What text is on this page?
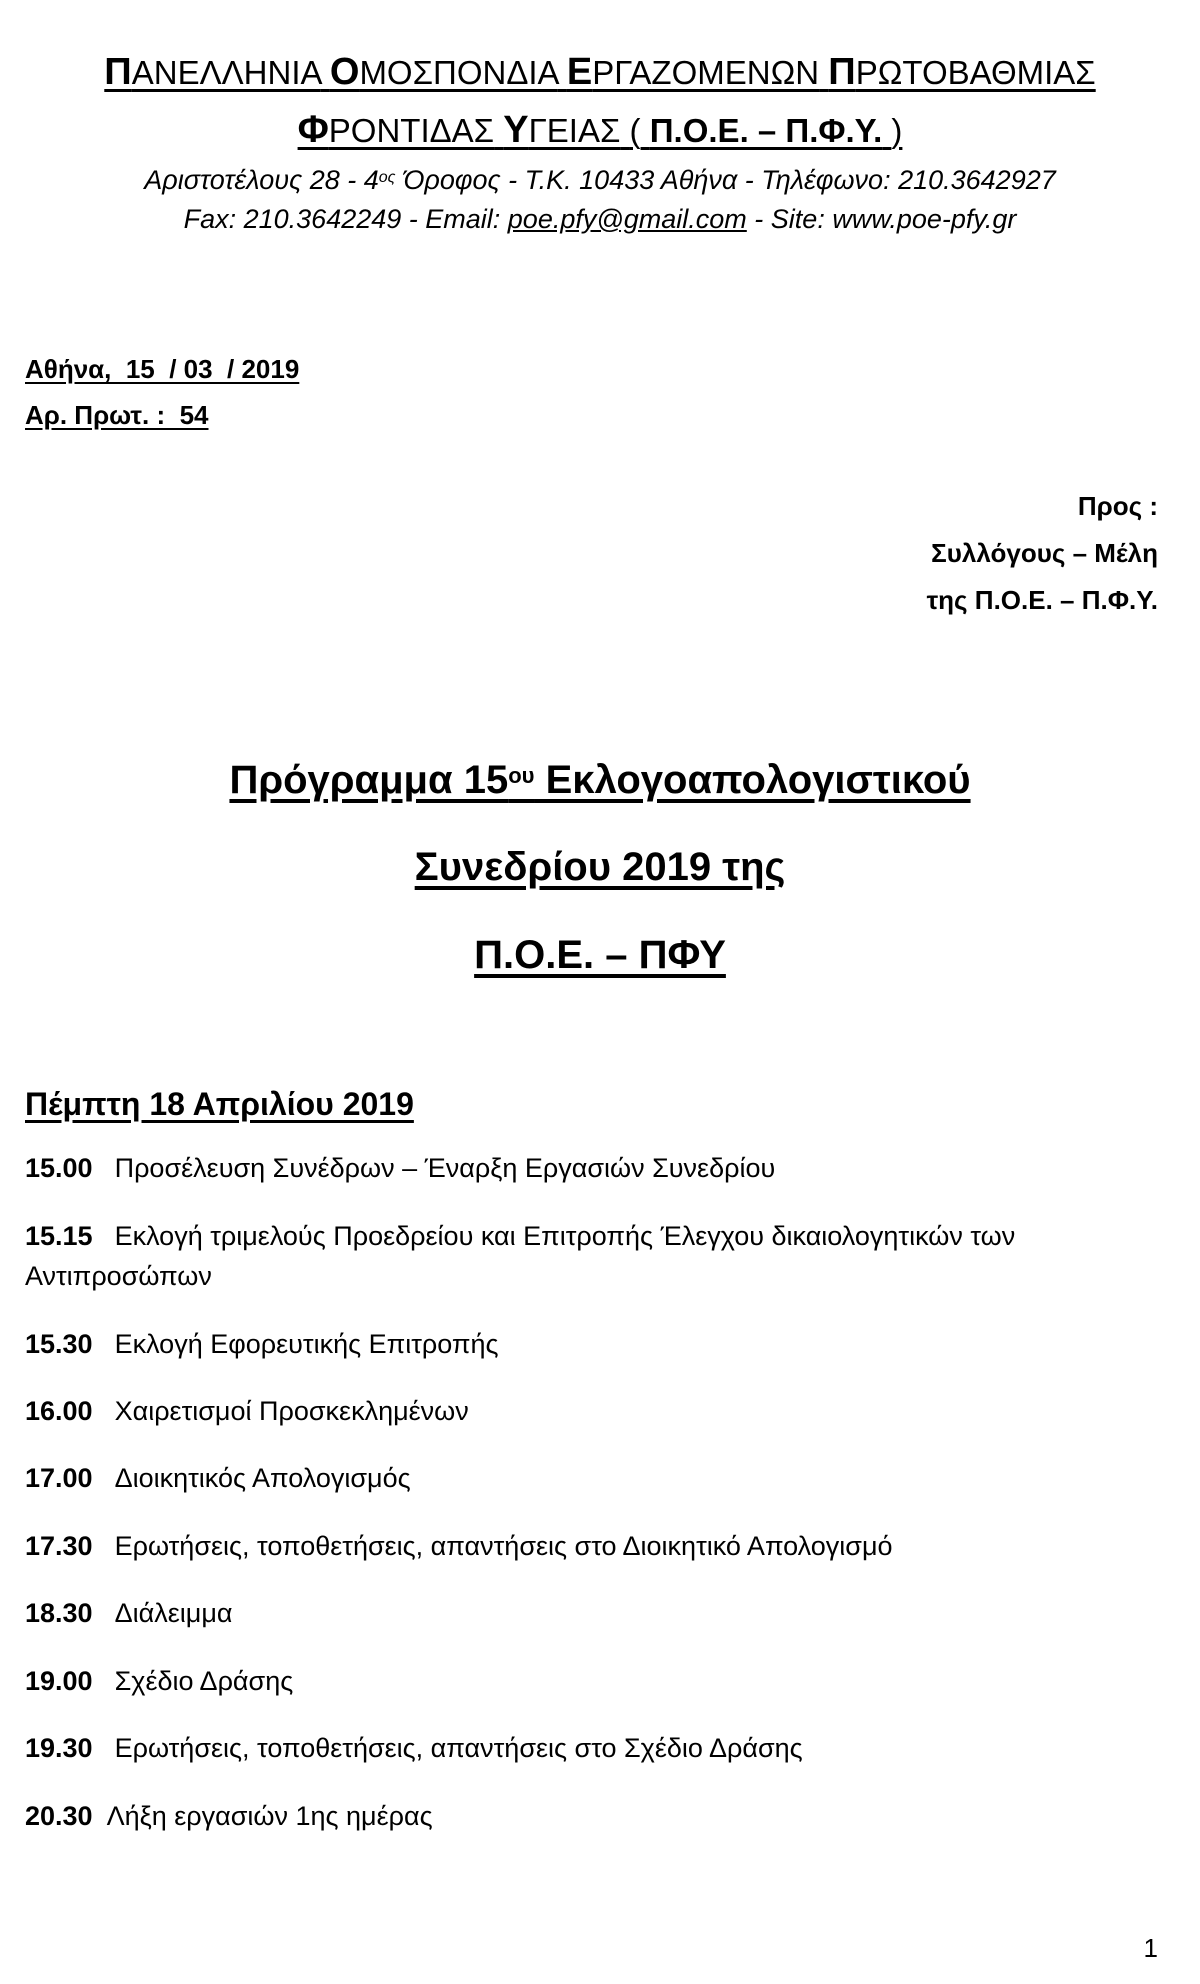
ΠΑΝΕΛΛΗΝΙΑ ΟΜΟΣΠΟΝΔΙΑ ΕΡΓΑΖΟΜΕΝΩΝ ΠΡΩΤΟΒΑΘΜΙΑΣ
ΦΡΟΝΤΙΔΑΣ ΥΓΕΙΑΣ ( Π.Ο.Ε. – Π.Φ.Υ. )
Αριστοτέλους $28 - 4^{o\varsigma}$ Όροφος - Τ.Κ. 10433 Αθήνα - Τηλέφωνο: 210.3642927
Fax: 210.3642249 - Email: poe.pfy@gmail.com - Site: www.poe-pfy.gr
Αθήνα,  15  / 03  / 2019
Αρ. Πρωτ. :  54
Προς :
Συλλόγους – Μέλη
της Π.Ο.Ε. – Π.Φ.Υ.
Πρόγραμμα $15^{o\upsilon}$ Εκλογοαπολογιστικού
Συνεδρίου 2019 της
Π.Ο.Ε. – ΠΦΥ
Πέμπτη 18 Απριλίου 2019
15.00 Προσέλευση Συνέδρων – Έναρξη Εργασιών Συνεδρίου
15.15 Εκλογή τριμελούς Προεδρείου και Επιτροπής Έλεγχου δικαιολογητικών των Αντιπροσώπων
15.30 Εκλογή Εφορευτικής Επιτροπής
16.00 Χαιρετισμοί Προσκεκλημένων
17.00 Διοικητικός Απολογισμός
17.30 Ερωτήσεις, τοποθετήσεις, απαντήσεις στο Διοικητικό Απολογισμό
18.30 Διάλειμμα
19.00 Σχέδιο Δράσης
19.30 Ερωτήσεις, τοποθετήσεις, απαντήσεις στο Σχέδιο Δράσης
20.30 Λήξη εργασιών 1ης ημέρας
1
